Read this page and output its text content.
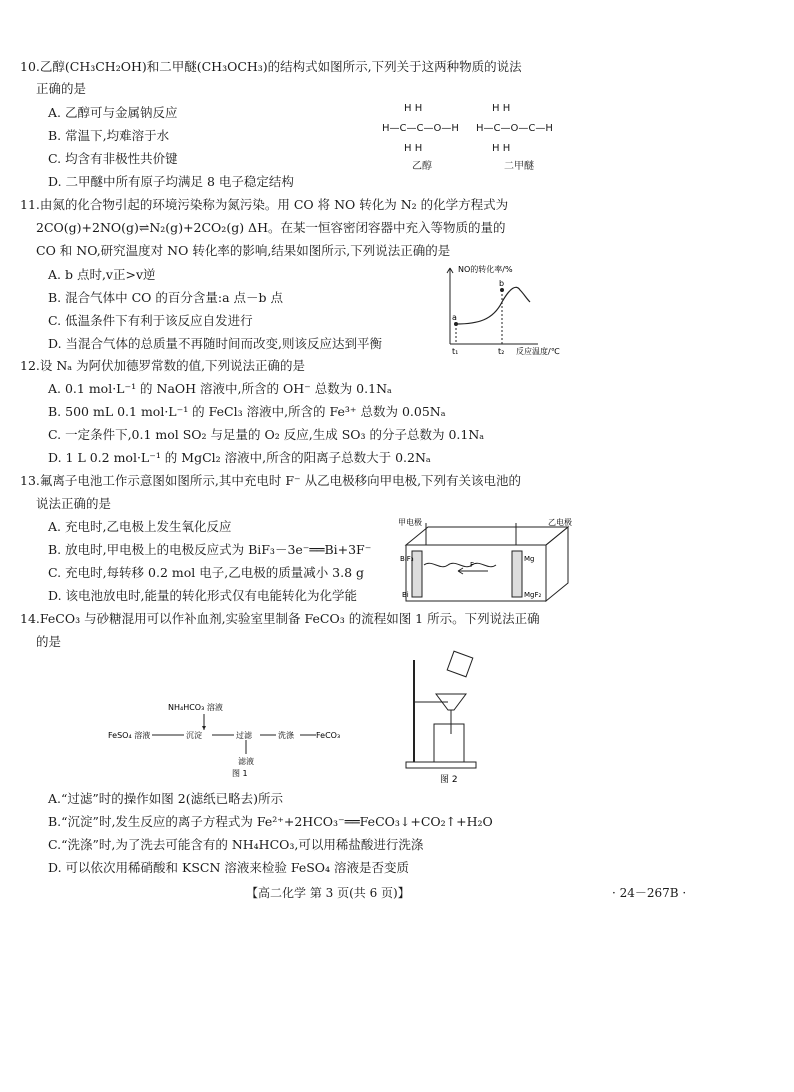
10.乙醇(CH₃CH₂OH)和二甲醚(CH₃OCH₃)的结构式如图所示,下列关于这两种物质的说法
正确的是
A. 乙醇可与金属钠反应
B. 常温下,均难溶于水
C. 均含有非极性共价键
D. 二甲醚中所有原子均满足 8 电子稳定结构
H H
H—C—C—O—H
H H
乙醇
H H
H—C—O—C—H
H H
二甲醚
11.由氮的化合物引起的环境污染称为氮污染。用 CO 将 NO 转化为 N₂ 的化学方程式为
2CO(g)+2NO(g)⇌N₂(g)+2CO₂(g) ΔH。在某一恒容密闭容器中充入等物质的量的
CO 和 NO,研究温度对 NO 转化率的影响,结果如图所示,下列说法正确的是
A. b 点时,v正>v逆
B. 混合气体中 CO 的百分含量:a 点－b 点
C. 低温条件下有利于该反应自发进行
D. 当混合气体的总质量不再随时间而改变,则该反应达到平衡
NO的转化率/%
a
b
t₁	t₂ 反应温度/℃
12.设 Nₐ 为阿伏加德罗常数的值,下列说法正确的是
A. 0.1 mol·L⁻¹ 的 NaOH 溶液中,所含的 OH⁻ 总数为 0.1Nₐ
B. 500 mL 0.1 mol·L⁻¹ 的 FeCl₃ 溶液中,所含的 Fe³⁺ 总数为 0.05Nₐ
C. 一定条件下,0.1 mol SO₂ 与足量的 O₂ 反应,生成 SO₃ 的分子总数为 0.1Nₐ
D. 1 L 0.2 mol·L⁻¹ 的 MgCl₂ 溶液中,所含的阳离子总数大于 0.2Nₐ
13.氟离子电池工作示意图如图所示,其中充电时 F⁻ 从乙电极移向甲电极,下列有关该电池的
说法正确的是
A. 充电时,乙电极上发生氧化反应
B. 放电时,甲电极上的电极反应式为 BiF₃－3e⁻══Bi+3F⁻
C. 充电时,每转移 0.2 mol 电子,乙电极的质量减小 3.8 g
D. 该电池放电时,能量的转化形式仅有电能转化为化学能
甲电极	乙电极
BiF₃
Bi
Mg
MgF₂
F⁻
14.FeCO₃ 与砂糖混用可以作补血剂,实验室里制备 FeCO₃ 的流程如图 1 所示。下列说法正确
的是
NH₄HCO₃ 溶液
FeSO₄ 溶液	沉淀	过滤	洗涤	FeCO₃
滤液
图 1
图 2
A.“过滤”时的操作如图 2(滤纸已略去)所示
B.“沉淀”时,发生反应的离子方程式为 Fe²⁺+2HCO₃⁻══FeCO₃↓+CO₂↑+H₂O
C.“洗涤”时,为了洗去可能含有的 NH₄HCO₃,可以用稀盐酸进行洗涤
D. 可以依次用稀硝酸和 KSCN 溶液来检验 FeSO₄ 溶液是否变质
【高二化学 第 3 页(共 6 页)】	· 24－267B ·
